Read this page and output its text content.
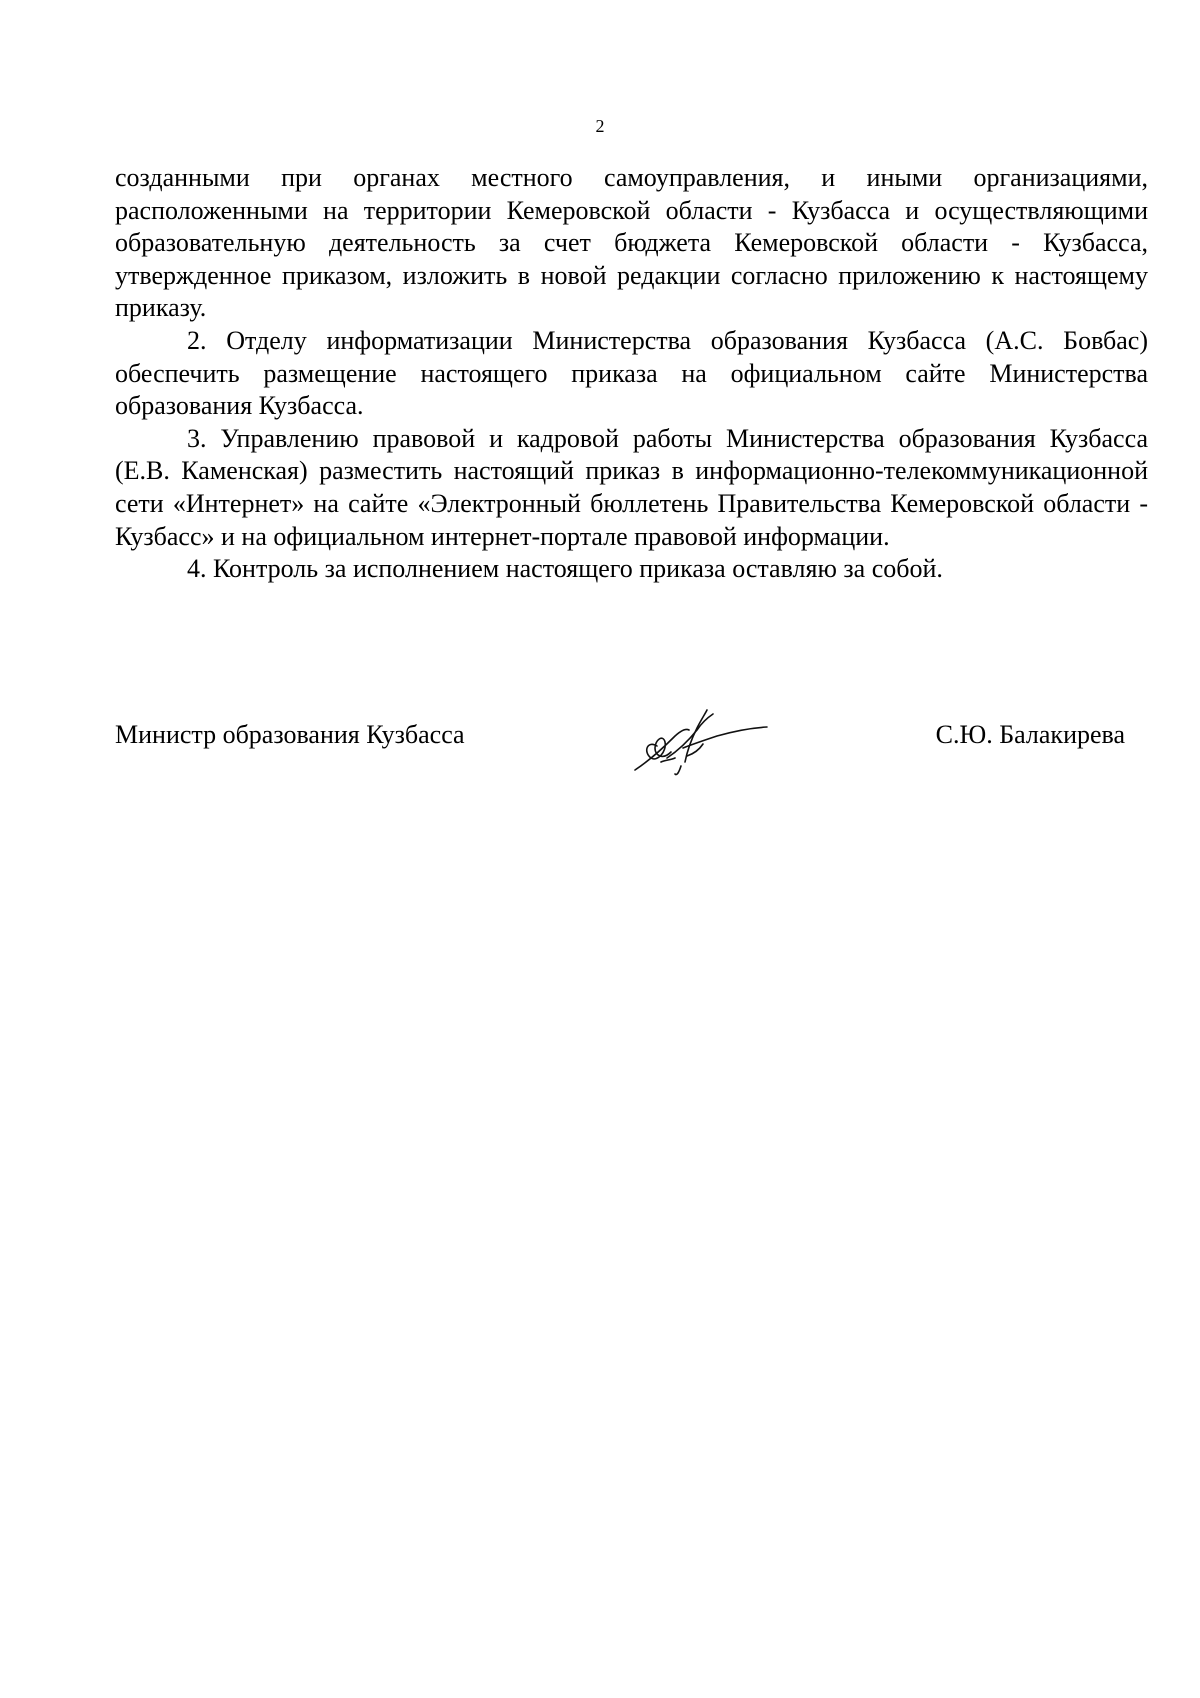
2

созданными при органах местного самоуправления, и иными организациями, расположенными на территории Кемеровской области - Кузбасса и осуществляющими образовательную деятельность за счет бюджета Кемеровской области - Кузбасса, утвержденное приказом, изложить в новой редакции согласно приложению к настоящему приказу.

2. Отделу информатизации Министерства образования Кузбасса (А.С. Бовбас) обеспечить размещение настоящего приказа на официальном сайте Министерства образования Кузбасса.

3. Управлению правовой и кадровой работы Министерства образования Кузбасса (Е.В. Каменская) разместить настоящий приказ в информационно-телекоммуникационной сети «Интернет» на сайте «Электронный бюллетень Правительства Кемеровской области - Кузбасс» и на официальном интернет-портале правовой информации.

4. Контроль за исполнением настоящего приказа оставляю за собой.

Министр образования Кузбасса	С.Ю. Балакирева
